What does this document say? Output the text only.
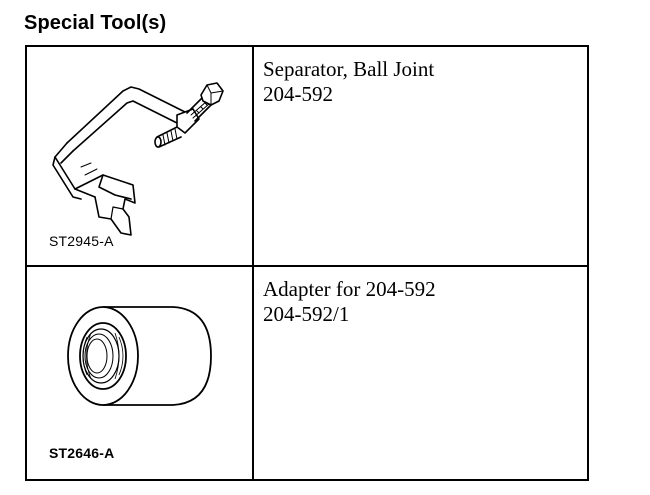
Special Tool(s)
ST2945-A
Separator, Ball Joint
204-592
ST2646-A
Adapter for 204-592
204-592/1
